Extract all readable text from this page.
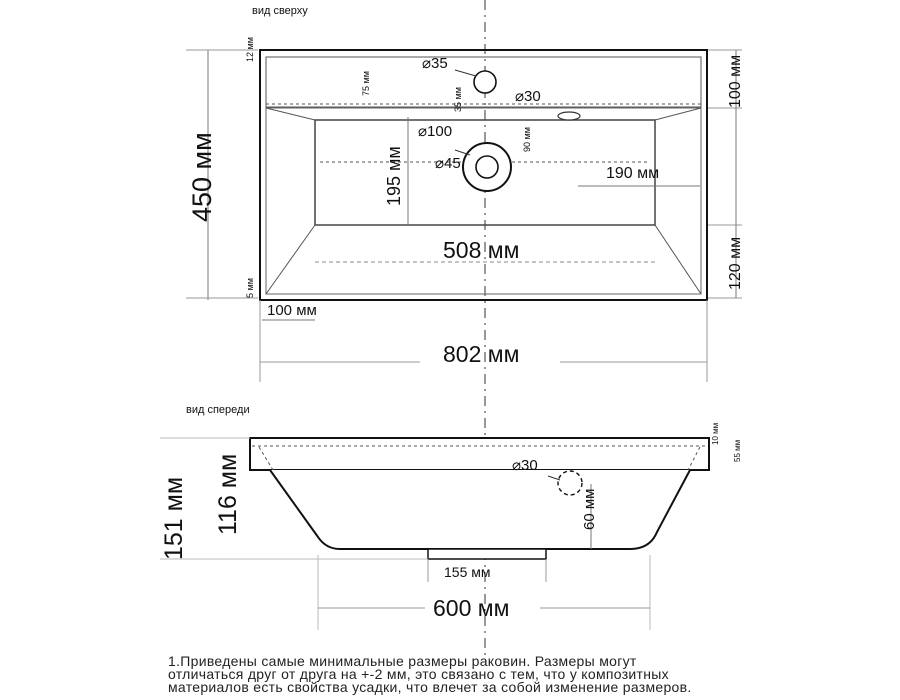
вид сверху
⌀35
⌀30
⌀100
⌀45
75 мм
35 мм
90 мм
195 мм	190 мм
508 мм
450 мм
12 мм
5 мм
100 мм
120 мм
100 мм
802 мм
вид спереди
⌀30
60 мм
10 мм
55 мм
151 мм 116 мм
155 мм
600 мм
1.Приведены самые минимальные размеры раковин. Размеры могут
отличаться друг от друга на +-2 мм, это связано с тем, что у композитных
материалов есть свойства усадки, что влечет за собой изменение размеров.
